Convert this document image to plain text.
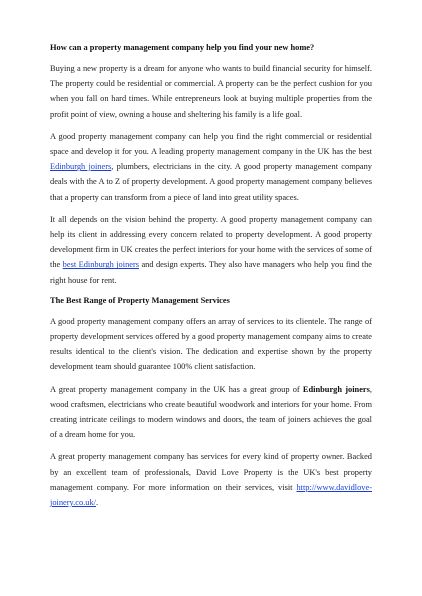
How can a property management company help you find your new home?

Buying a new property is a dream for anyone who wants to build financial security for himself. The property could be residential or commercial. A property can be the perfect cushion for you when you fall on hard times. While entrepreneurs look at buying multiple properties from the profit point of view, owning a house and sheltering his family is a life goal.

A good property management company can help you find the right commercial or residential space and develop it for you. A leading property management company in the UK has the best Edinburgh joiners, plumbers, electricians in the city. A good property management company deals with the A to Z of property development. A good property management company believes that a property can transform from a piece of land into great utility spaces.

It all depends on the vision behind the property. A good property management company can help its client in addressing every concern related to property development. A good property development firm in UK creates the perfect interiors for your home with the services of some of the best Edinburgh joiners and design experts. They also have managers who help you find the right house for rent.

The Best Range of Property Management Services

A good property management company offers an array of services to its clientele. The range of property development services offered by a good property management company aims to create results identical to the client's vision. The dedication and expertise shown by the property development team should guarantee 100% client satisfaction.

A great property management company in the UK has a great group of Edinburgh joiners, wood craftsmen, electricians who create beautiful woodwork and interiors for your home. From creating intricate ceilings to modern windows and doors, the team of joiners achieves the goal of a dream home for you.

A great property management company has services for every kind of property owner. Backed by an excellent team of professionals, David Love Property is the UK's best property management company. For more information on their services, visit http://www.davidlove-joinery.co.uk/.
